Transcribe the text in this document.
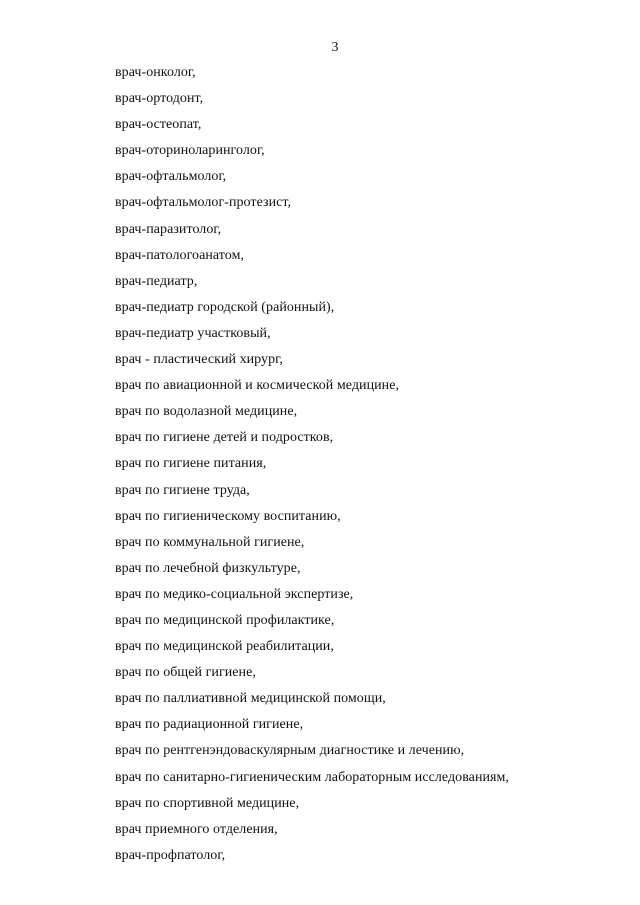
3
врач-онколог,
врач-ортодонт,
врач-остеопат,
врач-оториноларинголог,
врач-офтальмолог,
врач-офтальмолог-протезист,
врач-паразитолог,
врач-патологоанатом,
врач-педиатр,
врач-педиатр городской (районный),
врач-педиатр участковый,
врач - пластический хирург,
врач по авиационной и космической медицине,
врач по водолазной медицине,
врач по гигиене детей и подростков,
врач по гигиене питания,
врач по гигиене труда,
врач по гигиеническому воспитанию,
врач по коммунальной гигиене,
врач по лечебной физкультуре,
врач по медико-социальной экспертизе,
врач по медицинской профилактике,
врач по медицинской реабилитации,
врач по общей гигиене,
врач по паллиативной медицинской помощи,
врач по радиационной гигиене,
врач по рентгенэндоваскулярным диагностике и лечению,
врач по санитарно-гигиеническим лабораторным исследованиям,
врач по спортивной медицине,
врач приемного отделения,
врач-профпатолог,
